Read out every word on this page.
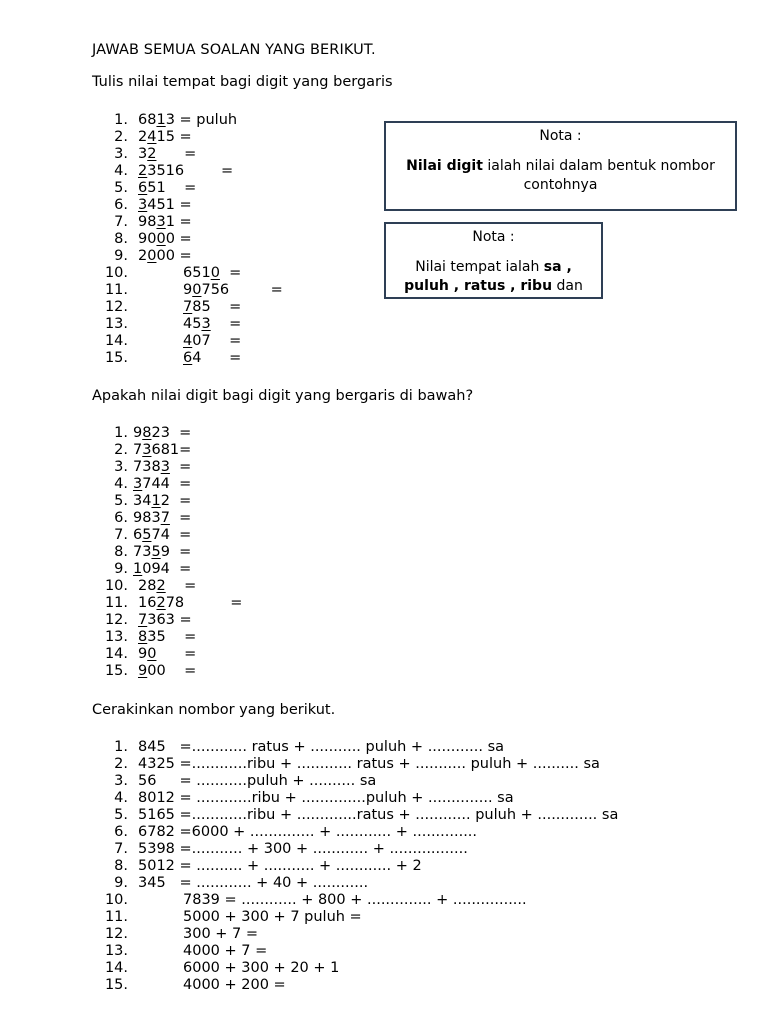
JAWAB SEMUA SOALAN YANG BERIKUT.
Tulis nilai tempat bagi digit yang bergaris
1. 6813 = puluh
2. 2415 =
3. 32      =
4. 23516        =
5. 651    =
6. 3451 =
7. 9831 =
8. 9000 =
9. 2000 =
10.	6510  =
11.	90756         =
12.	785    =
13.	453    =
14.	407    =
15.	64      =
Nota :
Nilai digit ialah nilai dalam bentuk nombor
contohnya
Nota :
Nilai tempat ialah sa ,
puluh , ratus , ribu dan
Apakah nilai digit bagi digit yang bergaris di bawah?
1. 9823  =
2. 73681=
3. 7383  =
4. 3744  =
5. 3412  =
6. 9837  =
7. 6574  =
8. 7359  =
9. 1094  =
10. 282    =
11. 16278          =
12. 7363 =
13. 835    =
14. 90      =
15. 900    =
Cerakinkan nombor yang berikut.
1. 845   =............ ratus + ........... puluh + ............ sa
2. 4325 =............ribu + ............ ratus + ........... puluh + .......... sa
3. 56     = ...........puluh + .......... sa
4. 8012 = ............ribu + ..............puluh + .............. sa
5. 5165 =............ribu + .............ratus + ............ puluh + ............. sa
6. 6782 =6000 + .............. + ............ + ..............
7. 5398 =........... + 300 + ............ + .................
8. 5012 = .......... + ........... + ............ + 2
9. 345   = ............ + 40 + ............
10.	7839 = ............ + 800 + .............. + ................
11.	5000 + 300 + 7 puluh =
12.	300 + 7 =
13.	4000 + 7 =
14.	6000 + 300 + 20 + 1
15.	4000 + 200 =
